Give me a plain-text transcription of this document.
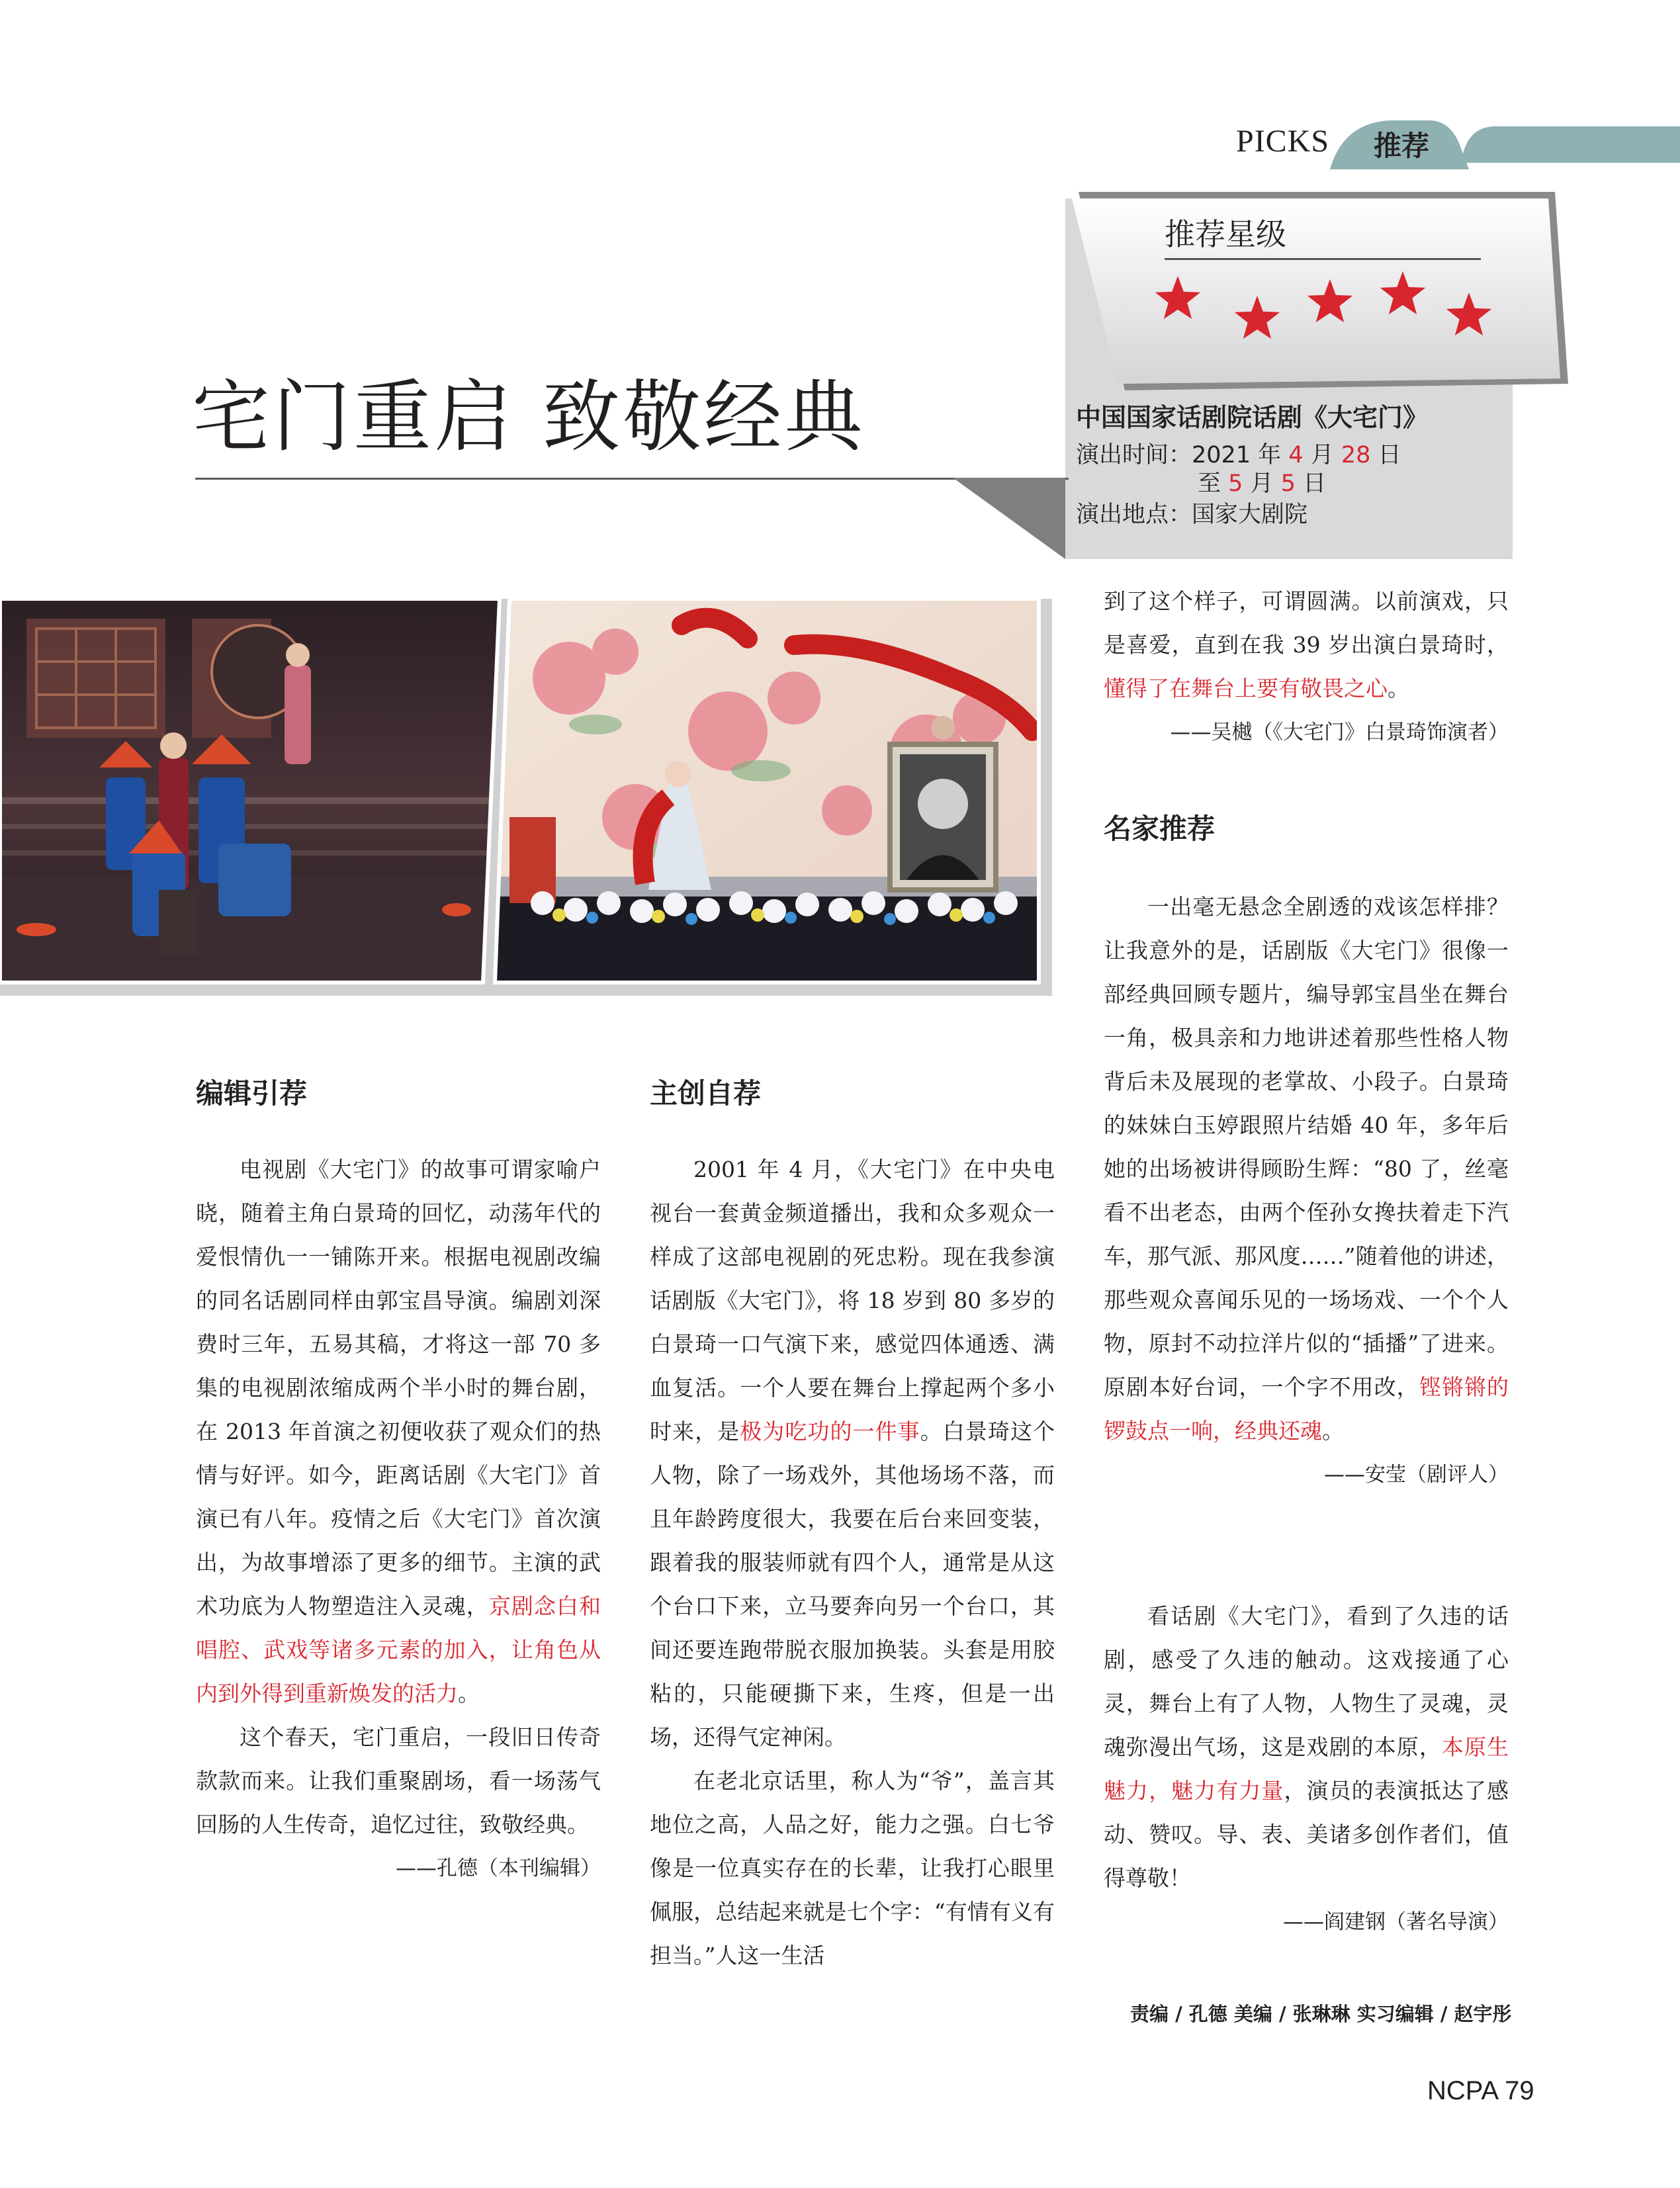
PICKS 推荐
推荐星级
中国国家话剧院话剧《大宅门》
演出时间：2021 年 4 月 28 日
至 5 月 5 日
演出地点：国家大剧院
宅门重启 致敬经典
编辑引荐

电视剧《大宅门》的故事可谓家喻户晓，随着主角白景琦的回忆，动荡年代的爱恨情仇一一铺陈开来。根据电视剧改编的同名话剧同样由郭宝昌导演。编剧刘深费时三年，五易其稿，才将这一部 70 多集的电视剧浓缩成两个半小时的舞台剧，在 2013 年首演之初便收获了观众们的热情与好评。如今，距离话剧《大宅门》首演已有八年。疫情之后《大宅门》首次演出，为故事增添了更多的细节。主演的武术功底为人物塑造注入灵魂，京剧念白和唱腔、武戏等诸多元素的加入，让角色从内到外得到重新焕发的活力。

这个春天，宅门重启，一段旧日传奇款款而来。让我们重聚剧场，看一场荡气回肠的人生传奇，追忆过往，致敬经典。

——孔德（本刊编辑）

主创自荐

2001 年 4 月，《大宅门》在中央电视台一套黄金频道播出，我和众多观众一样成了这部电视剧的死忠粉。现在我参演话剧版《大宅门》，将 18 岁到 80 多岁的白景琦一口气演下来，感觉四体通透、满血复活。一个人要在舞台上撑起两个多小时来，是极为吃功的一件事。白景琦这个人物，除了一场戏外，其他场场不落，而且年龄跨度很大，我要在后台来回变装，跟着我的服装师就有四个人，通常是从这个台口下来，立马要奔向另一个台口，其间还要连跑带脱衣服加换装。头套是用胶粘的，只能硬撕下来，生疼，但是一出场，还得气定神闲。

在老北京话里，称人为“爷”，盖言其地位之高，人品之好，能力之强。白七爷像是一位真实存在的长辈，让我打心眼里佩服，总结起来就是七个字：“有情有义有担当。”人这一生活

到了这个样子，可谓圆满。以前演戏，只是喜爱，直到在我 39 岁出演白景琦时，懂得了在舞台上要有敬畏之心。

——吴樾（《大宅门》白景琦饰演者）

名家推荐

一出毫无悬念全剧透的戏该怎样排？让我意外的是，话剧版《大宅门》很像一部经典回顾专题片，编导郭宝昌坐在舞台一角，极具亲和力地讲述着那些性格人物背后未及展现的老掌故、小段子。白景琦的妹妹白玉婷跟照片结婚 40 年，多年后她的出场被讲得顾盼生辉：“80 了，丝毫看不出老态，由两个侄孙女搀扶着走下汽车，那气派、那风度……”随着他的讲述，那些观众喜闻乐见的一场场戏、一个个人物，原封不动拉洋片似的“插播”了进来。原剧本好台词，一个字不用改，铿锵锵的锣鼓点一响，经典还魂。

——安莹（剧评人）

看话剧《大宅门》，看到了久违的话剧，感受了久违的触动。这戏接通了心灵，舞台上有了人物，人物生了灵魂，灵魂弥漫出气场，这是戏剧的本原，本原生魅力，魅力有力量，演员的表演抵达了感动、赞叹。导、表、美诸多创作者们，值得尊敬！

——阎建钢（著名导演）

责编 / 孔德 美编 / 张琳琳 实习编辑 / 赵宇彤
NCPA 79
